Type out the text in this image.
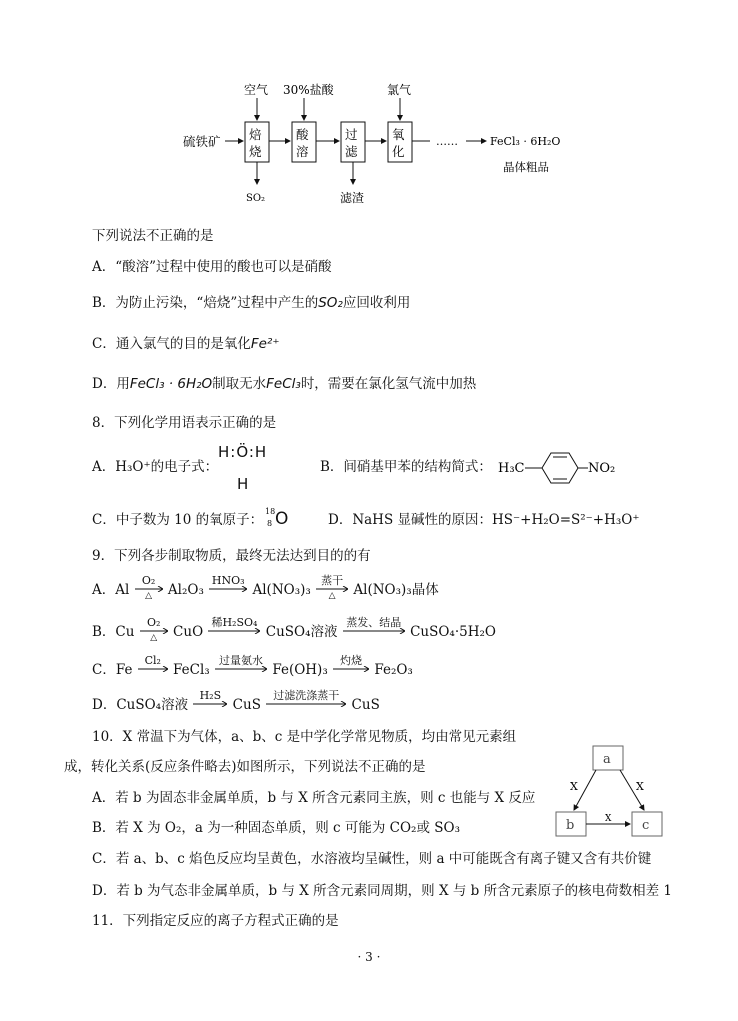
硫铁矿 焙
烧
空气
SO₂
酸
溶
30%盐酸
过
滤
滤渣
氧
化
氯气
……	FeCl₃ · 6H₂O
晶体粗品
下列说法不正确的是
A．“酸溶”过程中使用的酸也可以是硝酸
B．为防止污染，“焙烧”过程中产生的SO₂应回收利用
C．通入氯气的目的是氧化Fe²⁺
D．用FeCl₃ · 6H₂O制取无水FeCl₃时，需要在氯化氢气流中加热
8．下列化学用语表示正确的是
A．H₃O⁺的电子式：
H:Ö:H
H
B．间硝基甲苯的结构简式： H₃C	NO₂
C．中子数为 10 的氧原子：
18
8 O	D．NaHS 显碱性的原因：HS⁻+H₂O=S²⁻+H₃O⁺
9．下列各步制取物质，最终无法达到目的的有
A．Al
O₂
△	Al₂O₃
HNO₃

Al(NO₃)₃
蒸干
△	Al(NO₃)₃晶体
B．Cu
O₂
△	CuO
稀H₂SO₄

CuSO₄溶液
蒸发、结晶

CuSO₄·5H₂O
C．Fe
Cl₂

FeCl₃
过量氨水

Fe(OH)₃
灼烧

Fe₂O₃
D．CuSO₄溶液
H₂S

CuS
过滤洗涤蒸干

CuS
10．X 常温下为气体，a、b、c 是中学化学常见物质，均由常见元素组
成，转化关系(反应条件略去)如图所示，下列说法不正确的是	a
b	c
X	X
X
A．若 b 为固态非金属单质，b 与 X 所含元素同主族，则 c 也能与 X 反应
B．若 X 为 O₂，a 为一种固态单质，则 c 可能为 CO₂或 SO₃
C．若 a、b、c 焰色反应均呈黄色，水溶液均呈碱性，则 a 中可能既含有离子键又含有共价键
D．若 b 为气态非金属单质，b 与 X 所含元素同周期，则 X 与 b 所含元素原子的核电荷数相差 1
11．下列指定反应的离子方程式正确的是
· 3 ·
